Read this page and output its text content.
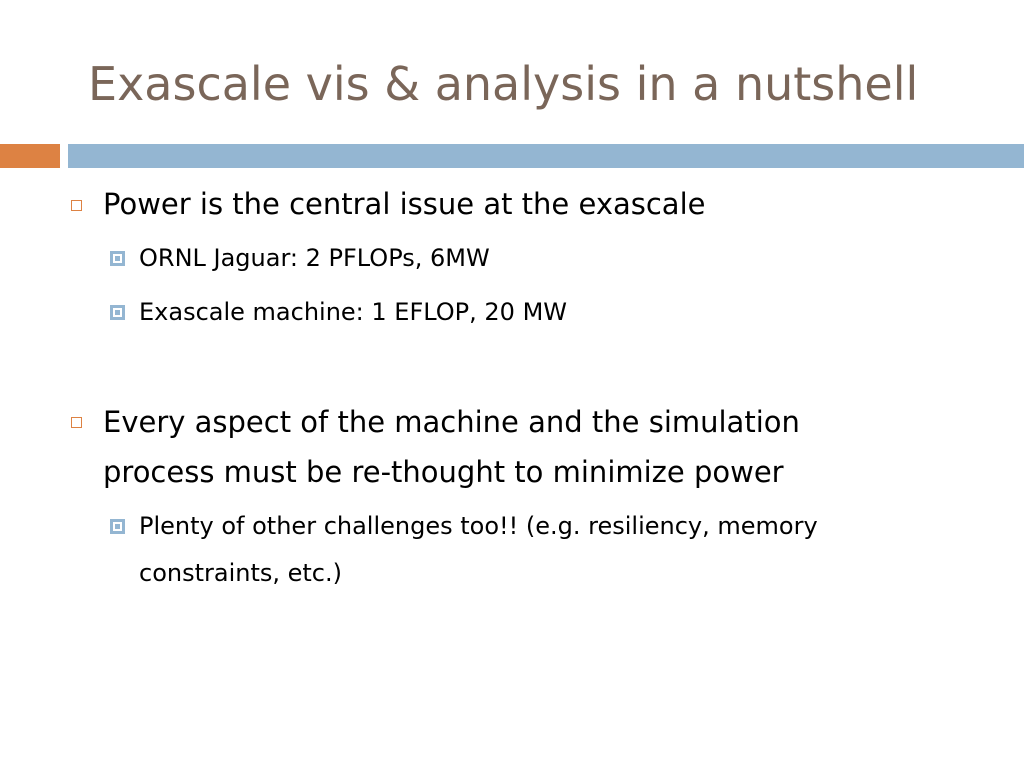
Exascale vis & analysis in a nutshell
Power is the central issue at the exascale
ORNL Jaguar: 2 PFLOPs, 6MW
Exascale machine: 1 EFLOP, 20 MW
Every aspect of the machine and the simulation
process must be re-thought to minimize power
Plenty of other challenges too!! (e.g. resiliency, memory
constraints, etc.)
